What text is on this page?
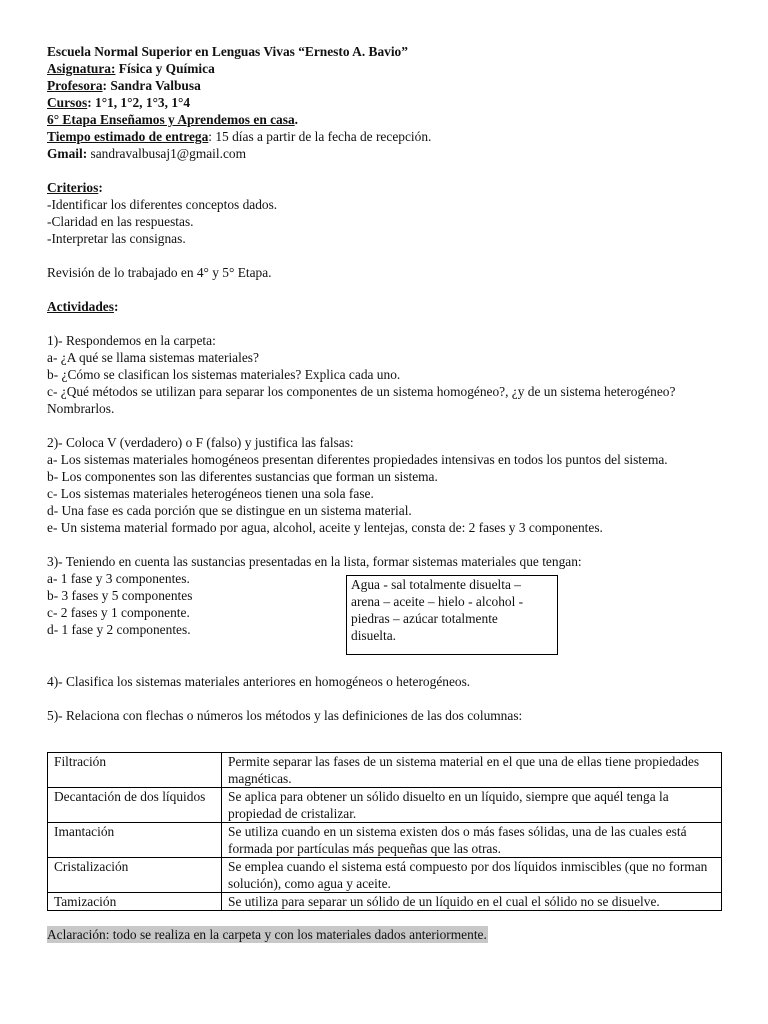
Escuela Normal Superior en Lenguas Vivas “Ernesto A. Bavio”
Asignatura: Física y Química
Profesora: Sandra Valbusa
Cursos: 1°1, 1°2, 1°3, 1°4
6° Etapa Enseñamos y Aprendemos en casa.
Tiempo estimado de entrega: 15 días a partir de la fecha de recepción.
Gmail: sandravalbusaj1@gmail.com
Criterios:
-Identificar los diferentes conceptos dados.
-Claridad en las respuestas.
-Interpretar las consignas.
Revisión de lo trabajado en 4° y 5° Etapa.
Actividades:
1)- Respondemos en la carpeta:
a- ¿A qué se llama sistemas materiales?
b- ¿Cómo se clasifican los sistemas materiales? Explica cada uno.
c- ¿Qué métodos se utilizan para separar los componentes de un sistema homogéneo?, ¿y de un sistema heterogéneo? Nombrarlos.
2)- Coloca V (verdadero) o F (falso) y justifica las falsas:
a- Los sistemas materiales homogéneos presentan diferentes propiedades intensivas en todos los puntos del sistema.
b- Los componentes son las diferentes sustancias que forman un sistema.
c- Los sistemas materiales heterogéneos tienen una sola fase.
d- Una fase es cada porción que se distingue en un sistema material.
e- Un sistema material formado por agua, alcohol, aceite y lentejas, consta de: 2 fases y 3 componentes.
3)- Teniendo en cuenta las sustancias presentadas en la lista, formar sistemas materiales que tengan:
a- 1 fase y 3 componentes.
b- 3 fases y 5 componentes
c- 2 fases y 1 componente.
d- 1 fase y 2 componentes.
Agua - sal totalmente disuelta –
arena – aceite – hielo - alcohol -
piedras – azúcar totalmente
disuelta.
4)- Clasifica los sistemas materiales anteriores en homogéneos o heterogéneos.
5)- Relaciona con flechas o números los métodos y las definiciones de las dos columnas:
Filtración	Permite separar las fases de un sistema material en el que una de ellas tiene propiedades magnéticas.
Decantación de dos líquidos	Se aplica para obtener un sólido disuelto en un líquido, siempre que aquél tenga la propiedad de cristalizar.
Imantación	Se utiliza cuando en un sistema existen dos o más fases sólidas, una de las cuales está formada por partículas más pequeñas que las otras.
Cristalización	Se emplea cuando el sistema está compuesto por dos líquidos inmiscibles (que no forman solución), como agua y aceite.
Tamización	Se utiliza para separar un sólido de un líquido en el cual el sólido no se disuelve.
Aclaración: todo se realiza en la carpeta y con los materiales dados anteriormente.
